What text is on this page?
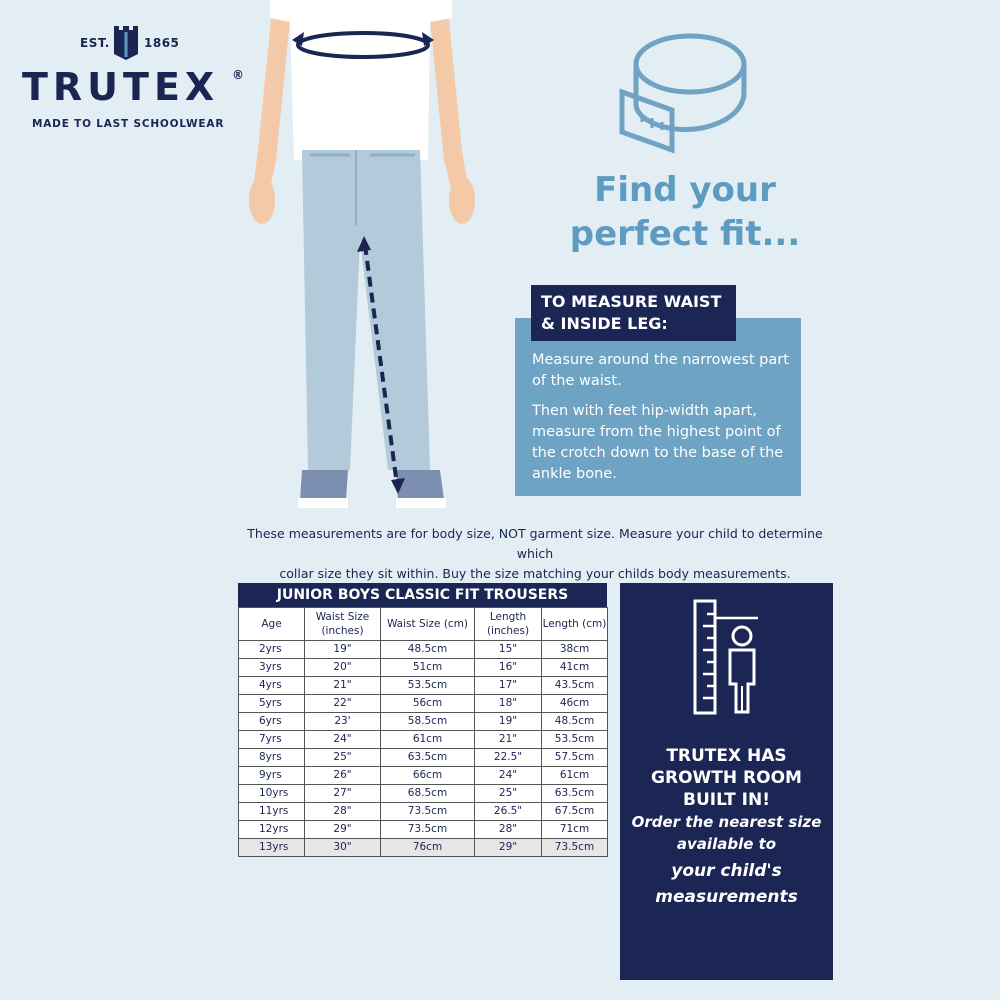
EST.	1865
TRUTEX ®
MADE TO LAST SCHOOLWEAR
Find your
perfect fit...
TO MEASURE WAIST
& INSIDE LEG:
Measure around the narrowest part of the waist.
Then with feet hip-width apart, measure from the highest point of the crotch down to the base of the ankle bone.
These measurements are for body size, NOT garment size. Measure your child to determine which
collar size they sit within. Buy the size matching your childs body measurements.
JUNIOR BOYS CLASSIC FIT TROUSERS
Age	Waist Size (inches)	Waist Size (cm)	Length (inches)	Length (cm)
2yrs	19"	48.5cm	15"	38cm
3yrs	20"	51cm	16"	41cm
4yrs	21"	53.5cm	17"	43.5cm
5yrs	22"	56cm	18"	46cm
6yrs	23'	58.5cm	19"	48.5cm
7yrs	24"	61cm	21"	53.5cm
8yrs	25"	63.5cm	22.5"	57.5cm
9yrs	26"	66cm	24"	61cm
10yrs	27"	68.5cm	25"	63.5cm
11yrs	28"	73.5cm	26.5"	67.5cm
12yrs	29"	73.5cm	28"	71cm
13yrs	30"	76cm	29"	73.5cm
TRUTEX HAS
GROWTH ROOM
BUILT IN!
Order the nearest size
available to
your child's
measurements
